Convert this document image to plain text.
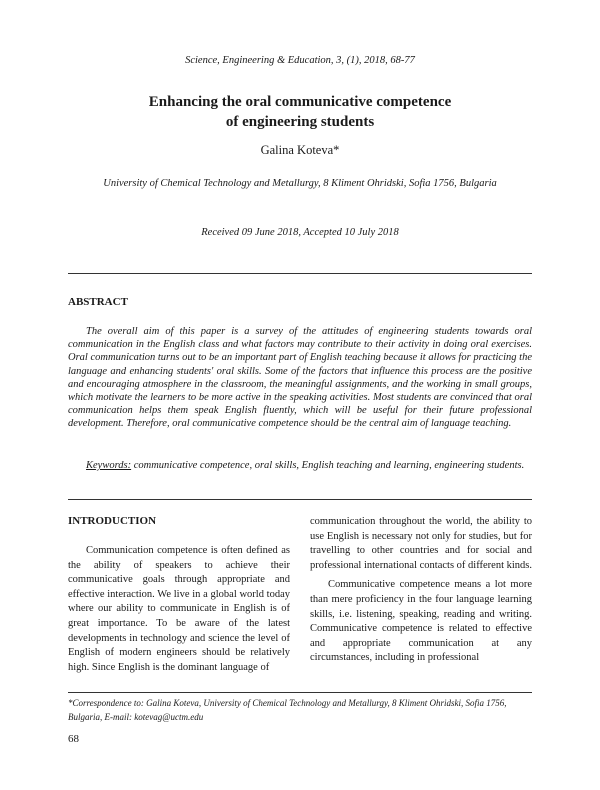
Science, Engineering & Education, 3, (1), 2018, 68-77
Enhancing the oral communicative competence
of engineering students
Galina Koteva*
University of Chemical Technology and Metallurgy, 8 Kliment Ohridski, Sofia 1756, Bulgaria
Received 09 June 2018, Accepted 10 July 2018
ABSTRACT
The overall aim of this paper is a survey of the attitudes of engineering students towards oral communication in the English class and what factors may contribute to their activity in doing oral exercises. Oral communication turns out to be an important part of English teaching because it allows for practicing the language and enhancing students' oral skills. Some of the factors that influence this process are the positive and encouraging atmosphere in the classroom, the meaningful assignments, and the working in small groups, which motivate the learners to be more active in the speaking activities. Most students are convinced that oral communication helps them speak English fluently, which will be useful for their future professional development. Therefore, oral communicative competence should be the central aim of language teaching.
Keywords: communicative competence, oral skills, English teaching and learning, engineering students.
INTRODUCTION
Communication competence is often defined as the ability of speakers to achieve their communicative goals through appropriate and effective interaction. We live in a global world today where our ability to communicate in English is of great importance. To be aware of the latest developments in technology and science the level of English of modern engineers should be relatively high. Since English is the dominant language of

communication throughout the world, the ability to use English is necessary not only for studies, but for travelling to other countries and for social and professional international contacts of different kinds.

Communicative competence means a lot more than mere proficiency in the four language learning skills, i.e. listening, speaking, reading and writing. Communicative competence is related to effective and appropriate communication at any circumstances, including in professional

*Correspondence to: Galina Koteva, University of Chemical Technology and Metallurgy, 8 Kliment Ohridski, Sofia 1756,
Bulgaria, E-mail: kotevag@uctm.edu
68
